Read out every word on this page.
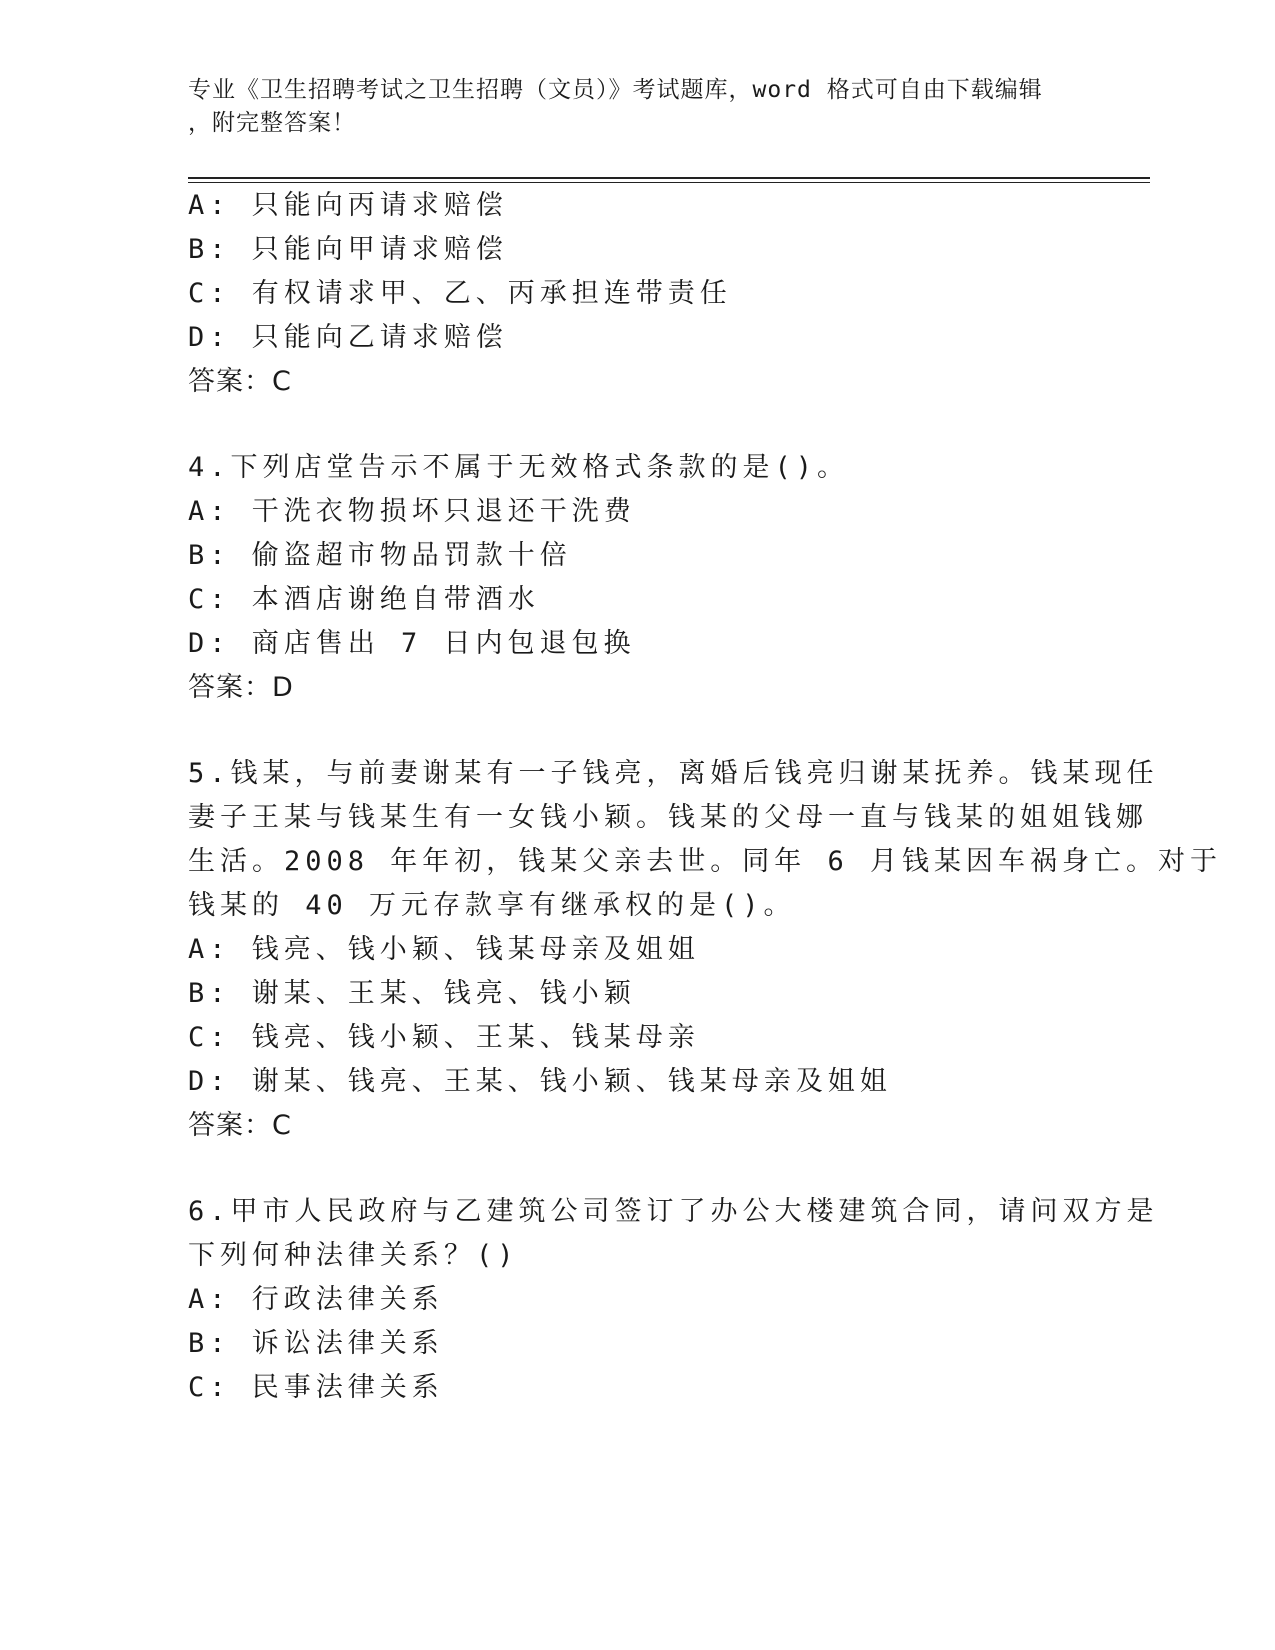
专业《卫生招聘考试之卫生招聘（文员）》考试题库，word 格式可自由下载编辑
，附完整答案！
A: 只能向丙请求赔偿
B: 只能向甲请求赔偿
C: 有权请求甲、乙、丙承担连带责任
D: 只能向乙请求赔偿
答案：C
4.下列店堂告示不属于无效格式条款的是()。
A: 干洗衣物损坏只退还干洗费
B: 偷盗超市物品罚款十倍
C: 本酒店谢绝自带酒水
D: 商店售出 7 日内包退包换
答案：D
5.钱某，与前妻谢某有一子钱亮，离婚后钱亮归谢某抚养。钱某现任
妻子王某与钱某生有一女钱小颖。钱某的父母一直与钱某的姐姐钱娜
生活。2008 年年初，钱某父亲去世。同年 6 月钱某因车祸身亡。对于
钱某的 40 万元存款享有继承权的是()。
A: 钱亮、钱小颖、钱某母亲及姐姐
B: 谢某、王某、钱亮、钱小颖
C: 钱亮、钱小颖、王某、钱某母亲
D: 谢某、钱亮、王某、钱小颖、钱某母亲及姐姐
答案：C
6.甲市人民政府与乙建筑公司签订了办公大楼建筑合同，请问双方是
下列何种法律关系？()
A: 行政法律关系
B: 诉讼法律关系
C: 民事法律关系
